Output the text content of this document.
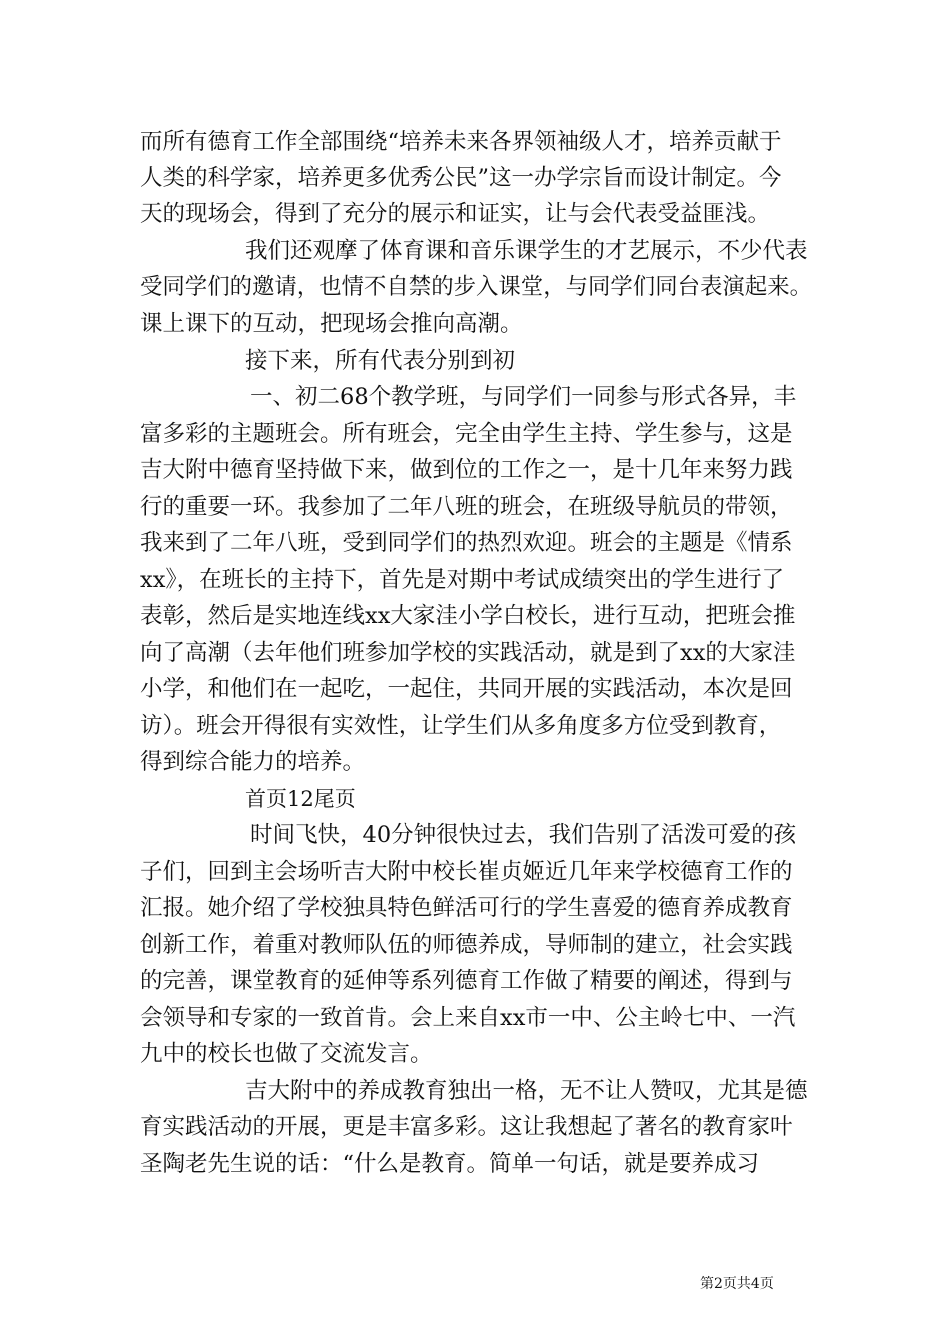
而所有德育工作全部围绕“培养未来各界领袖级人才，培养贡献于
人类的科学家，培养更多优秀公民”这一办学宗旨而设计制定。今
天的现场会，得到了充分的展示和证实，让与会代表受益匪浅。
我们还观摩了体育课和音乐课学生的才艺展示，不少代表
受同学们的邀请，也情不自禁的步入课堂，与同学们同台表演起来。
课上课下的互动，把现场会推向高潮。
接下来，所有代表分别到初
一、初二68个教学班，与同学们一同参与形式各异，丰
富多彩的主题班会。所有班会，完全由学生主持、学生参与，这是
吉大附中德育坚持做下来，做到位的工作之一，是十几年来努力践
行的重要一环。我参加了二年八班的班会，在班级导航员的带领，
我来到了二年八班，受到同学们的热烈欢迎。班会的主题是《情系
xx》，在班长的主持下，首先是对期中考试成绩突出的学生进行了
表彰，然后是实地连线xx大家洼小学白校长，进行互动，把班会推
向了高潮（去年他们班参加学校的实践活动，就是到了xx的大家洼
小学，和他们在一起吃，一起住，共同开展的实践活动，本次是回
访）。班会开得很有实效性，让学生们从多角度多方位受到教育，
得到综合能力的培养。
首页12尾页
时间飞快，40分钟很快过去，我们告别了活泼可爱的孩
子们，回到主会场听吉大附中校长崔贞姬近几年来学校德育工作的
汇报。她介绍了学校独具特色鲜活可行的学生喜爱的德育养成教育
创新工作，着重对教师队伍的师德养成，导师制的建立，社会实践
的完善，课堂教育的延伸等系列德育工作做了精要的阐述，得到与
会领导和专家的一致首肯。会上来自xx市一中、公主岭七中、一汽
九中的校长也做了交流发言。
吉大附中的养成教育独出一格，无不让人赞叹，尤其是德
育实践活动的开展，更是丰富多彩。这让我想起了著名的教育家叶
圣陶老先生说的话：“什么是教育。简单一句话，就是要养成习
第2页共4页
